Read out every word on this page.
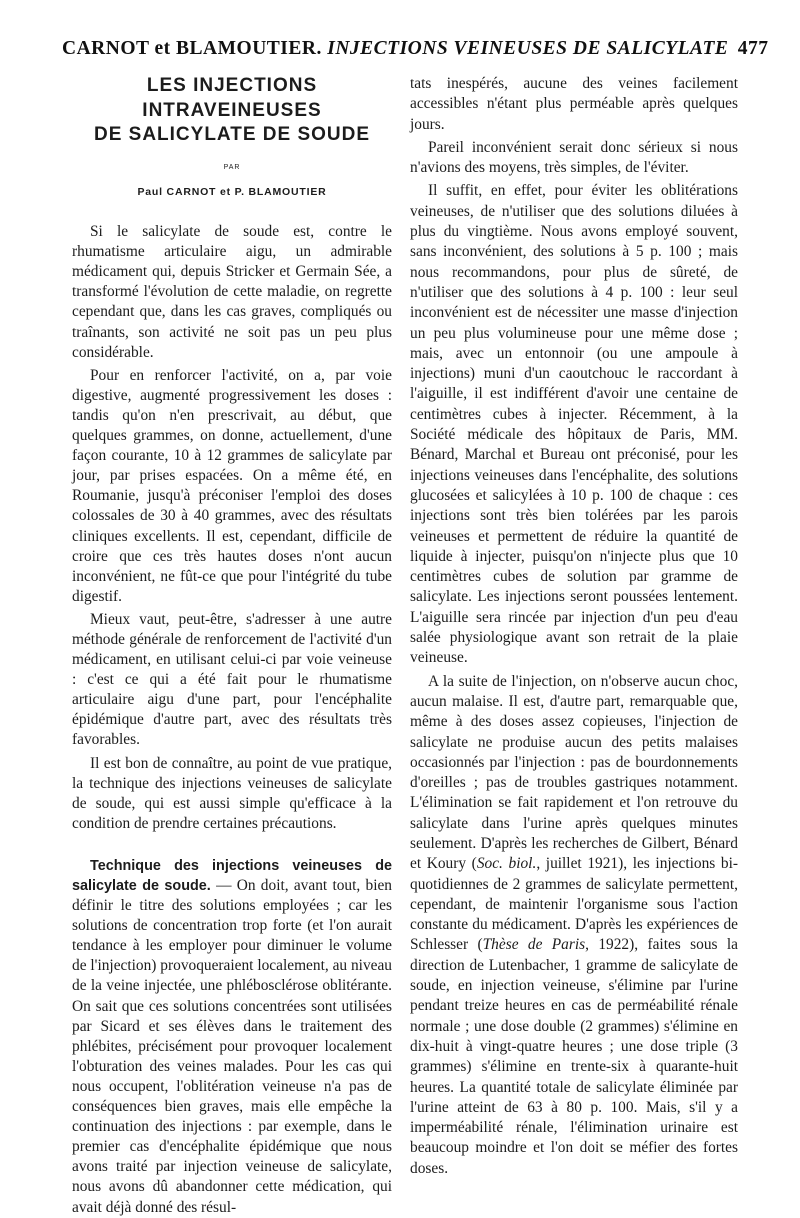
CARNOT et BLAMOUTIER. INJECTIONS VEINEUSES DE SALICYLATE 477
LES INJECTIONS
INTRAVEINEUSES
DE SALICYLATE DE SOUDE
PAR
Paul CARNOT et P. BLAMOUTIER

Si le salicylate de soude est, contre le rhumatisme articulaire aigu, un admirable médicament qui, depuis Stricker et Germain Sée, a transformé l'évolution de cette maladie, on regrette cependant que, dans les cas graves, compliqués ou traînants, son activité ne soit pas un peu plus considérable.

Pour en renforcer l'activité, on a, par voie digestive, augmenté progressivement les doses : tandis qu'on n'en prescrivait, au début, que quelques grammes, on donne, actuellement, d'une façon courante, 10 à 12 grammes de salicylate par jour, par prises espacées. On a même été, en Roumanie, jusqu'à préconiser l'emploi des doses colossales de 30 à 40 grammes, avec des résultats cliniques excellents. Il est, cependant, difficile de croire que ces très hautes doses n'ont aucun inconvénient, ne fût-ce que pour l'intégrité du tube digestif.

Mieux vaut, peut-être, s'adresser à une autre méthode générale de renforcement de l'activité d'un médicament, en utilisant celui-ci par voie veineuse : c'est ce qui a été fait pour le rhumatisme articulaire aigu d'une part, pour l'encéphalite épidémique d'autre part, avec des résultats très favorables.

Il est bon de connaître, au point de vue pratique, la technique des injections veineuses de salicylate de soude, qui est aussi simple qu'efficace à la condition de prendre certaines précautions.

Technique des injections veineuses de salicylate de soude. — On doit, avant tout, bien définir le titre des solutions employées ; car les solutions de concentration trop forte (et l'on aurait tendance à les employer pour diminuer le volume de l'injection) provoqueraient localement, au niveau de la veine injectée, une phlébosclérose oblitérante. On sait que ces solutions concentrées sont utilisées par Sicard et ses élèves dans le traitement des phlébites, précisément pour provoquer localement l'obturation des veines malades. Pour les cas qui nous occupent, l'oblitération veineuse n'a pas de conséquences bien graves, mais elle empêche la continuation des injections : par exemple, dans le premier cas d'encéphalite épidémique que nous avons traité par injection veineuse de salicylate, nous avons dû abandonner cette médication, qui avait déjà donné des résul-

tats inespérés, aucune des veines facilement accessibles n'étant plus perméable après quelques jours.

Pareil inconvénient serait donc sérieux si nous n'avions des moyens, très simples, de l'éviter.

Il suffit, en effet, pour éviter les oblitérations veineuses, de n'utiliser que des solutions diluées à plus du vingtième. Nous avons employé souvent, sans inconvénient, des solutions à 5 p. 100 ; mais nous recommandons, pour plus de sûreté, de n'utiliser que des solutions à 4 p. 100 : leur seul inconvénient est de nécessiter une masse d'injection un peu plus volumineuse pour une même dose ; mais, avec un entonnoir (ou une ampoule à injections) muni d'un caoutchouc le raccordant à l'aiguille, il est indifférent d'avoir une centaine de centimètres cubes à injecter. Récemment, à la Société médicale des hôpitaux de Paris, MM. Bénard, Marchal et Bureau ont préconisé, pour les injections veineuses dans l'encéphalite, des solutions glucosées et salicylées à 10 p. 100 de chaque : ces injections sont très bien tolérées par les parois veineuses et permettent de réduire la quantité de liquide à injecter, puisqu'on n'injecte plus que 10 centimètres cubes de solution par gramme de salicylate. Les injections seront poussées lentement. L'aiguille sera rincée par injection d'un peu d'eau salée physiologique avant son retrait de la plaie veineuse.

A la suite de l'injection, on n'observe aucun choc, aucun malaise. Il est, d'autre part, remarquable que, même à des doses assez copieuses, l'injection de salicylate ne produise aucun des petits malaises occasionnés par l'injection : pas de bourdonnements d'oreilles ; pas de troubles gastriques notamment. L'élimination se fait rapidement et l'on retrouve du salicylate dans l'urine après quelques minutes seulement. D'après les recherches de Gilbert, Bénard et Koury (Soc. biol., juillet 1921), les injections bi-quotidiennes de 2 grammes de salicylate permettent, cependant, de maintenir l'organisme sous l'action constante du médicament. D'après les expériences de Schlesser (Thèse de Paris, 1922), faites sous la direction de Lutenbacher, 1 gramme de salicylate de soude, en injection veineuse, s'élimine par l'urine pendant treize heures en cas de perméabilité rénale normale ; une dose double (2 grammes) s'élimine en dix-huit à vingt-quatre heures ; une dose triple (3 grammes) s'élimine en trente-six à quarante-huit heures. La quantité totale de salicylate éliminée par l'urine atteint de 63 à 80 p. 100. Mais, s'il y a imperméabilité rénale, l'élimination urinaire est beaucoup moindre et l'on doit se méfier des fortes doses.
